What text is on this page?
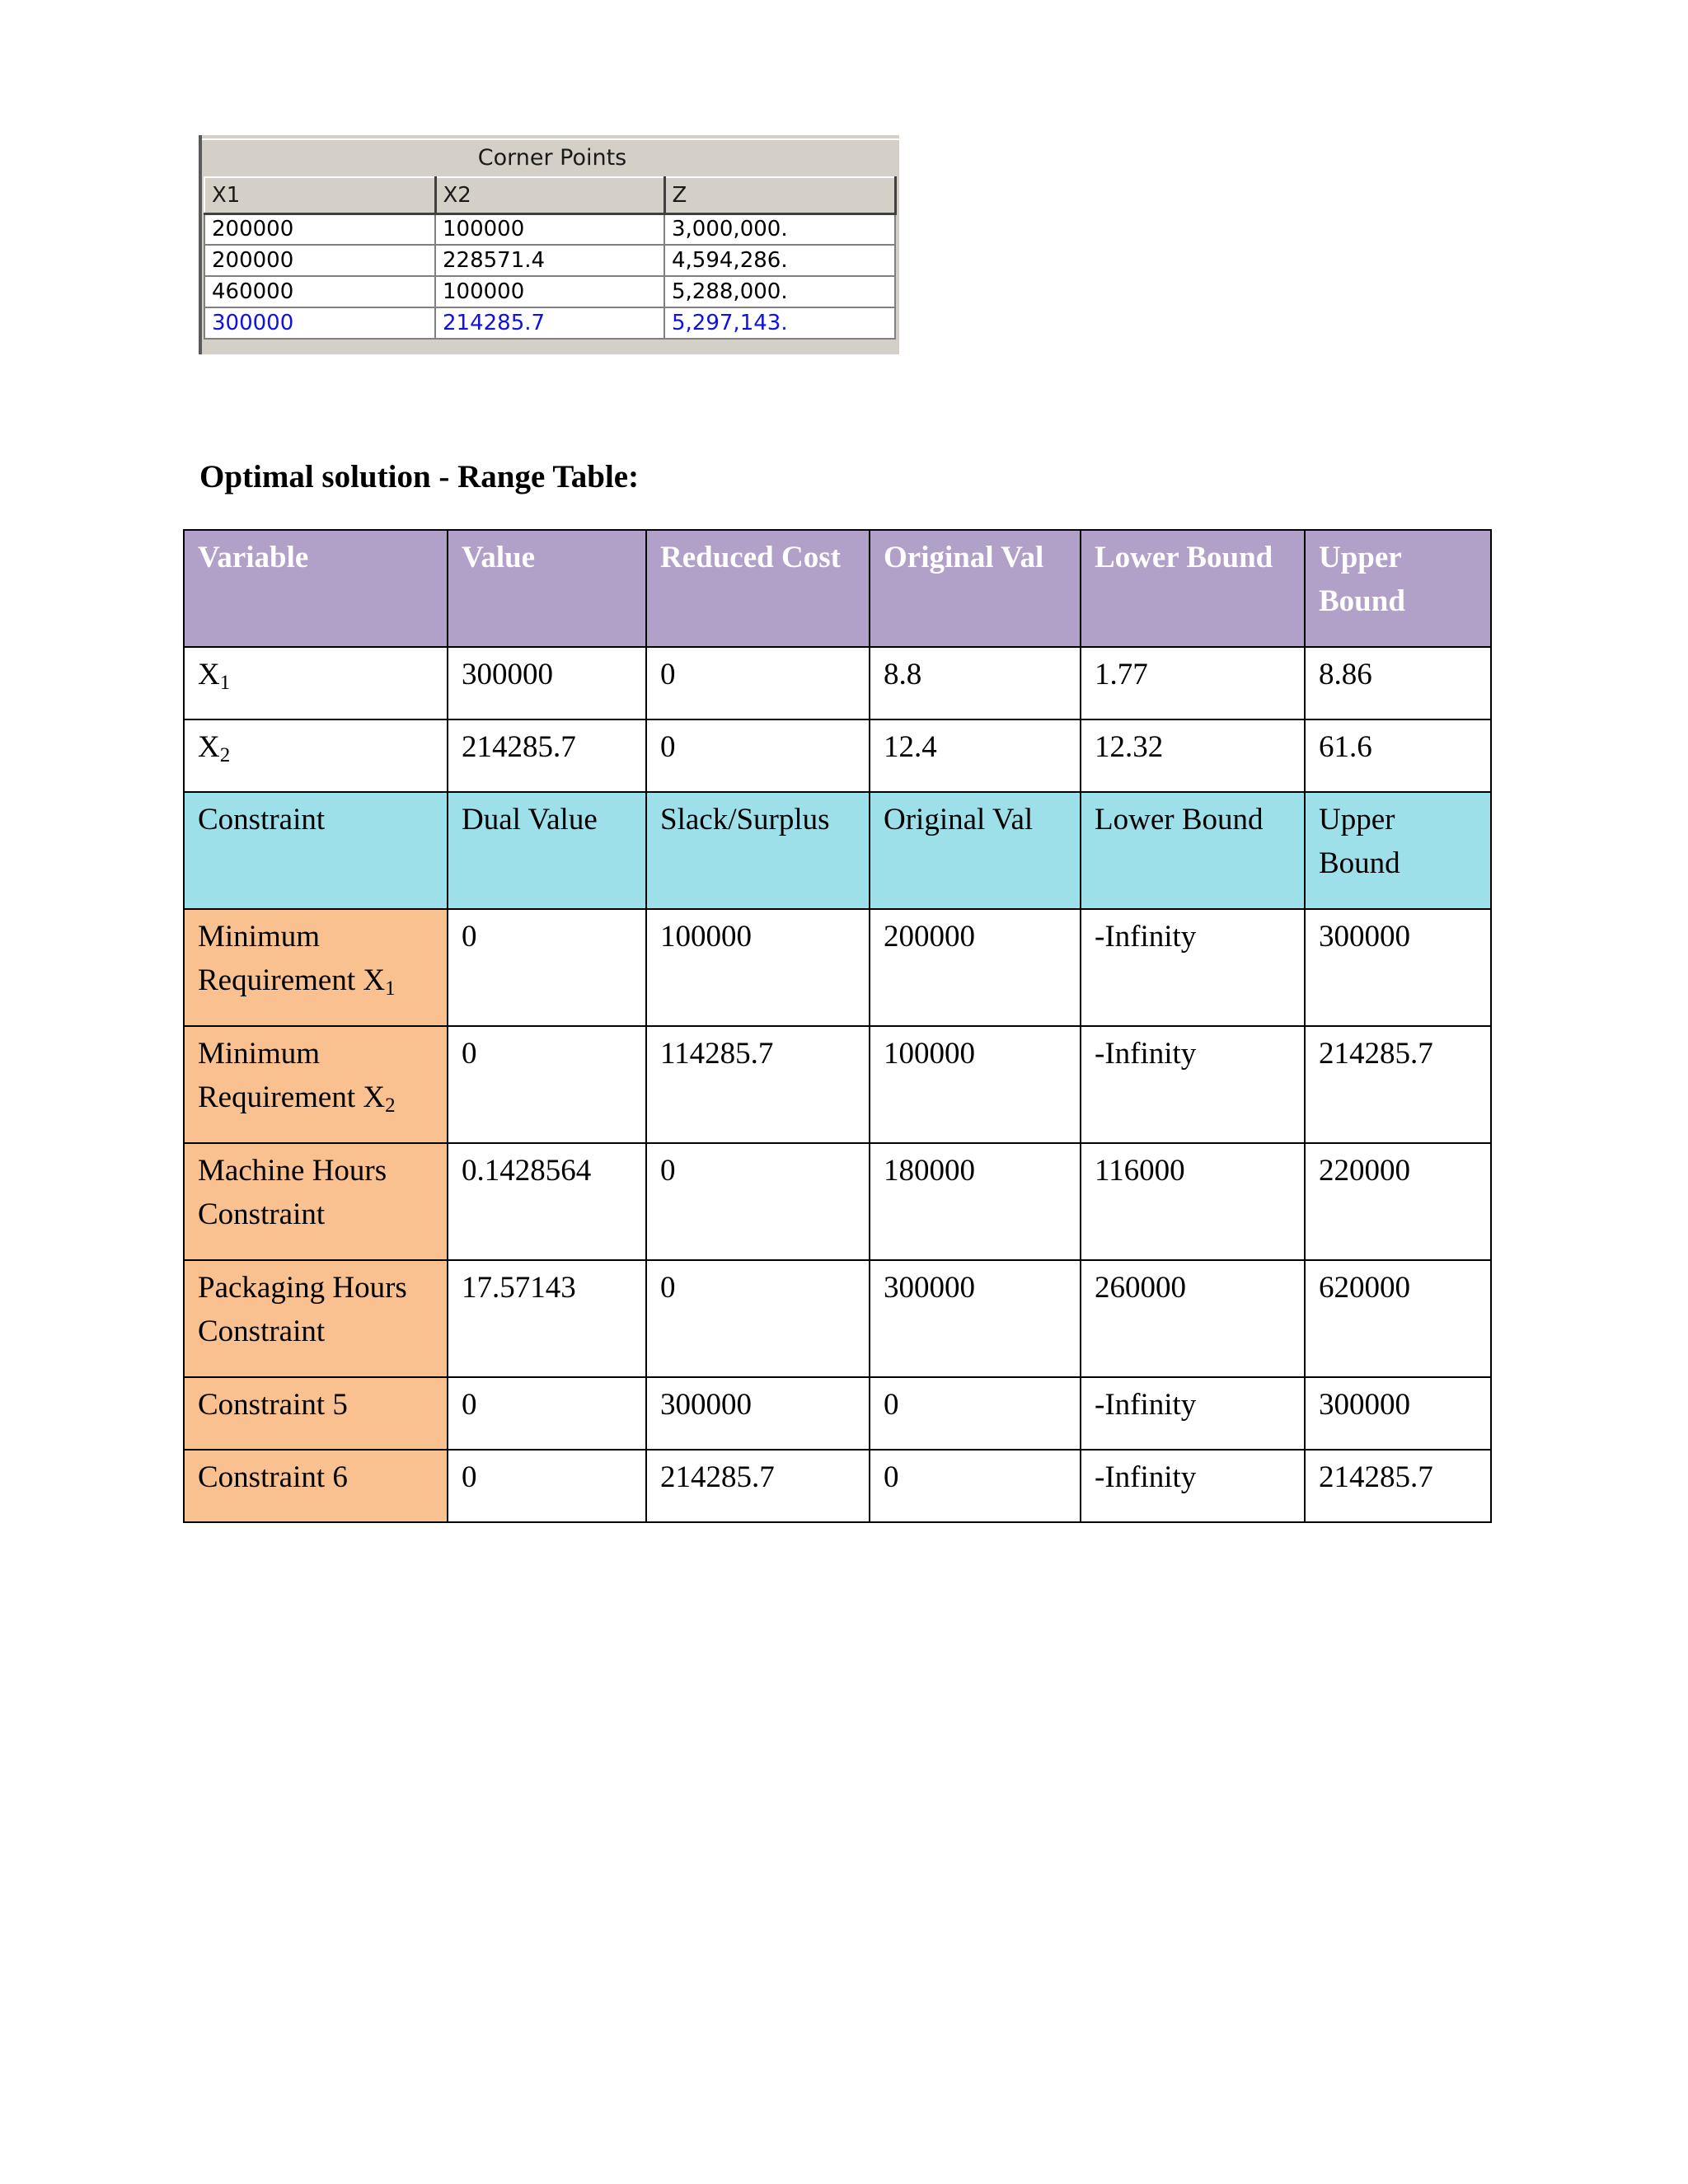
Corner Points
X1	X2	Z
200000	100000	3,000,000.
200000	228571.4	4,594,286.
460000	100000	5,288,000.
300000	214285.7	5,297,143.
Optimal solution - Range Table:
Variable	Value	Reduced Cost	Original Val	Lower Bound	Upper Bound
$X_1$	300000	0	8.8	1.77	8.86
$X_2$	214285.7	0	12.4	12.32	61.6
Constraint	Dual Value	Slack/Surplus	Original Val	Lower Bound	Upper Bound
Minimum Requirement $X_1$	0	100000	200000	-Infinity	300000
Minimum Requirement $X_2$	0	114285.7	100000	-Infinity	214285.7
Machine Hours Constraint	0.1428564	0	180000	116000	220000
Packaging Hours Constraint	17.57143	0	300000	260000	620000
Constraint 5	0	300000	0	-Infinity	300000
Constraint 6	0	214285.7	0	-Infinity	214285.7
